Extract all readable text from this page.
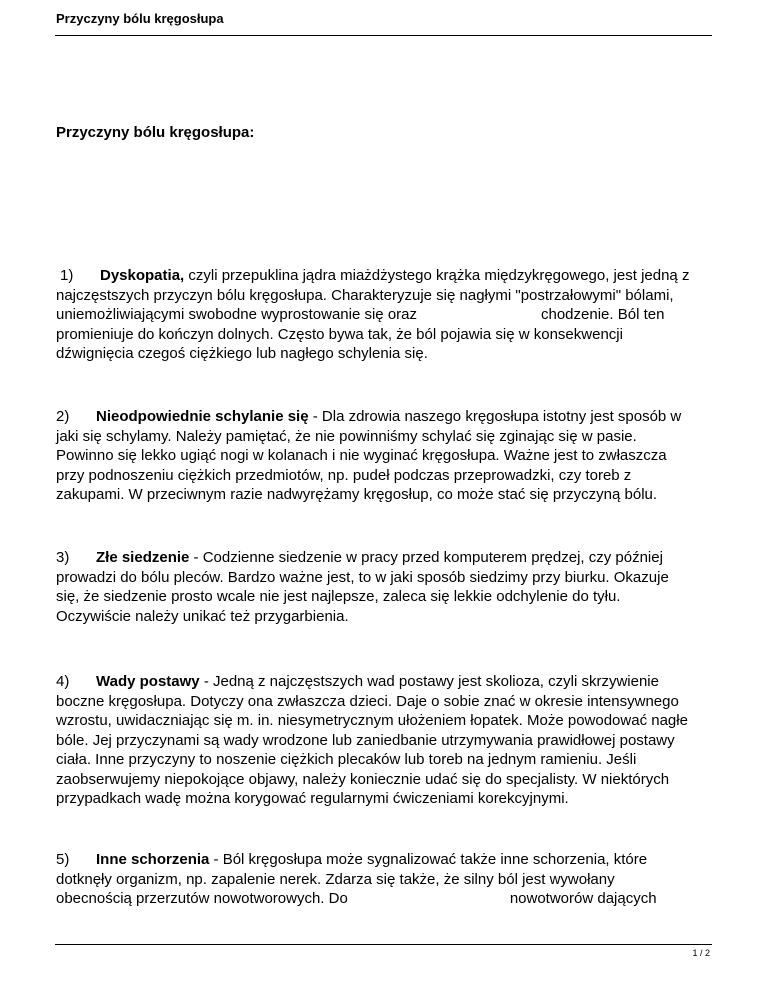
Przyczyny bólu kręgosłupa
Przyczyny bólu kręgosłupa:
1) Dyskopatia, czyli przepuklina jądra miażdżystego krążka międzykręgowego, jest jedną z
najczęstszych przyczyn bólu kręgosłupa. Charakteryzuje się nagłymi "postrzałowymi" bólami,
uniemożliwiającymi swobodne wyprostowanie się oraz	chodzenie. Ból ten
promieniuje do kończyn dolnych. Często bywa tak, że ból pojawia się w konsekwencji
dźwignięcia czegoś ciężkiego lub nagłego schylenia się.
2) Nieodpowiednie schylanie się - Dla zdrowia naszego kręgosłupa istotny jest sposób w
jaki się schylamy. Należy pamiętać, że nie powinniśmy schylać się zginając się w pasie.
Powinno się lekko ugiąć nogi w kolanach i nie wyginać kręgosłupa. Ważne jest to zwłaszcza
przy podnoszeniu ciężkich przedmiotów, np. pudeł podczas przeprowadzki, czy toreb z
zakupami. W przeciwnym razie nadwyrężamy kręgosłup, co może stać się przyczyną bólu.
3) Złe siedzenie - Codzienne siedzenie w pracy przed komputerem prędzej, czy później
prowadzi do bólu pleców. Bardzo ważne jest, to w jaki sposób siedzimy przy biurku. Okazuje
się, że siedzenie prosto wcale nie jest najlepsze, zaleca się lekkie odchylenie do tyłu.
Oczywiście należy unikać też przygarbienia.
4) Wady postawy - Jedną z najczęstszych wad postawy jest skolioza, czyli skrzywienie
boczne kręgosłupa. Dotyczy ona zwłaszcza dzieci. Daje o sobie znać w okresie intensywnego
wzrostu, uwidaczniając się m. in. niesymetrycznym ułożeniem łopatek. Może powodować nagłe
bóle. Jej przyczynami są wady wrodzone lub zaniedbanie utrzymywania prawidłowej postawy
ciała. Inne przyczyny to noszenie ciężkich plecaków lub toreb na jednym ramieniu. Jeśli
zaobserwujemy niepokojące objawy, należy koniecznie udać się do specjalisty. W niektórych
przypadkach wadę można korygować regularnymi ćwiczeniami korekcyjnymi.
5) Inne schorzenia - Ból kręgosłupa może sygnalizować także inne schorzenia, które
dotknęły organizm, np. zapalenie nerek. Zdarza się także, że silny ból jest wywołany
obecnością przerzutów nowotworowych. Do	nowotworów dających
1 / 2
